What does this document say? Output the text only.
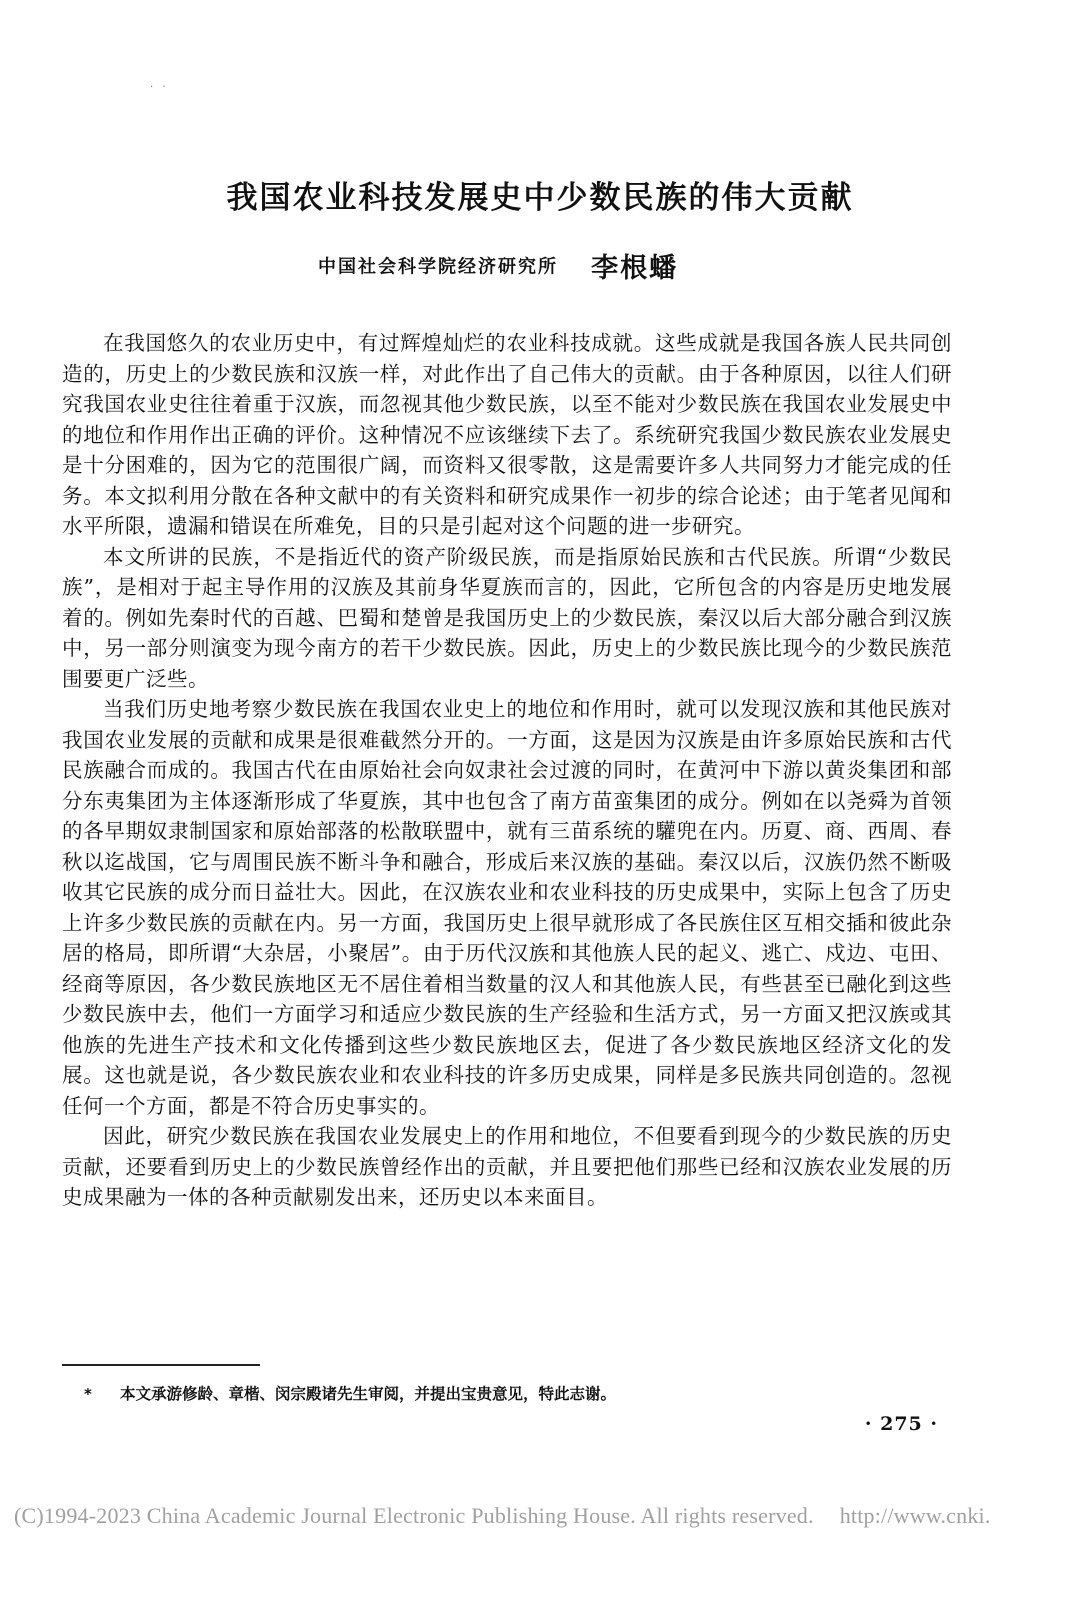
· ·
我国农业科技发展史中少数民族的伟大贡献
中国社会科学院经济研究所 李根蟠

在我国悠久的农业历史中，有过辉煌灿烂的农业科技成就。这些成就是我国各族人民共同创造的，历史上的少数民族和汉族一样，对此作出了自己伟大的贡献。由于各种原因，以往人们研究我国农业史往往着重于汉族，而忽视其他少数民族，以至不能对少数民族在我国农业发展史中的地位和作用作出正确的评价。这种情况不应该继续下去了。系统研究我国少数民族农业发展史是十分困难的，因为它的范围很广阔，而资料又很零散，这是需要许多人共同努力才能完成的任务。本文拟利用分散在各种文献中的有关资料和研究成果作一初步的综合论述；由于笔者见闻和水平所限，遗漏和错误在所难免，目的只是引起对这个问题的进一步研究。

本文所讲的民族，不是指近代的资产阶级民族，而是指原始民族和古代民族。所谓“少数民族”，是相对于起主导作用的汉族及其前身华夏族而言的，因此，它所包含的内容是历史地发展着的。例如先秦时代的百越、巴蜀和楚曾是我国历史上的少数民族，秦汉以后大部分融合到汉族中，另一部分则演变为现今南方的若干少数民族。因此，历史上的少数民族比现今的少数民族范围要更广泛些。

当我们历史地考察少数民族在我国农业史上的地位和作用时，就可以发现汉族和其他民族对我国农业发展的贡献和成果是很难截然分开的。一方面，这是因为汉族是由许多原始民族和古代民族融合而成的。我国古代在由原始社会向奴隶社会过渡的同时，在黄河中下游以黄炎集团和部分东夷集团为主体逐渐形成了华夏族，其中也包含了南方苗蛮集团的成分。例如在以尧舜为首领的各早期奴隶制国家和原始部落的松散联盟中，就有三苗系统的驩兜在内。历夏、商、西周、春秋以迄战国，它与周围民族不断斗争和融合，形成后来汉族的基础。秦汉以后，汉族仍然不断吸收其它民族的成分而日益壮大。因此，在汉族农业和农业科技的历史成果中，实际上包含了历史上许多少数民族的贡献在内。另一方面，我国历史上很早就形成了各民族住区互相交插和彼此杂居的格局，即所谓“大杂居，小聚居”。由于历代汉族和其他族人民的起义、逃亡、戍边、屯田、经商等原因，各少数民族地区无不居住着相当数量的汉人和其他族人民，有些甚至已融化到这些少数民族中去，他们一方面学习和适应少数民族的生产经验和生活方式，另一方面又把汉族或其他族的先进生产技术和文化传播到这些少数民族地区去，促进了各少数民族地区经济文化的发展。这也就是说，各少数民族农业和农业科技的许多历史成果，同样是多民族共同创造的。忽视任何一个方面，都是不符合历史事实的。

因此，研究少数民族在我国农业发展史上的作用和地位，不但要看到现今的少数民族的历史贡献，还要看到历史上的少数民族曾经作出的贡献，并且要把他们那些已经和汉族农业发展的历史成果融为一体的各种贡献剔发出来，还历史以本来面目。

* 本文承游修龄、章楷、闵宗殿诸先生审阅，并提出宝贵意见，特此志谢。
· 275 ·
(C)1994-2023 China Academic Journal Electronic Publishing House. All rights reserved. http://www.cnki.
